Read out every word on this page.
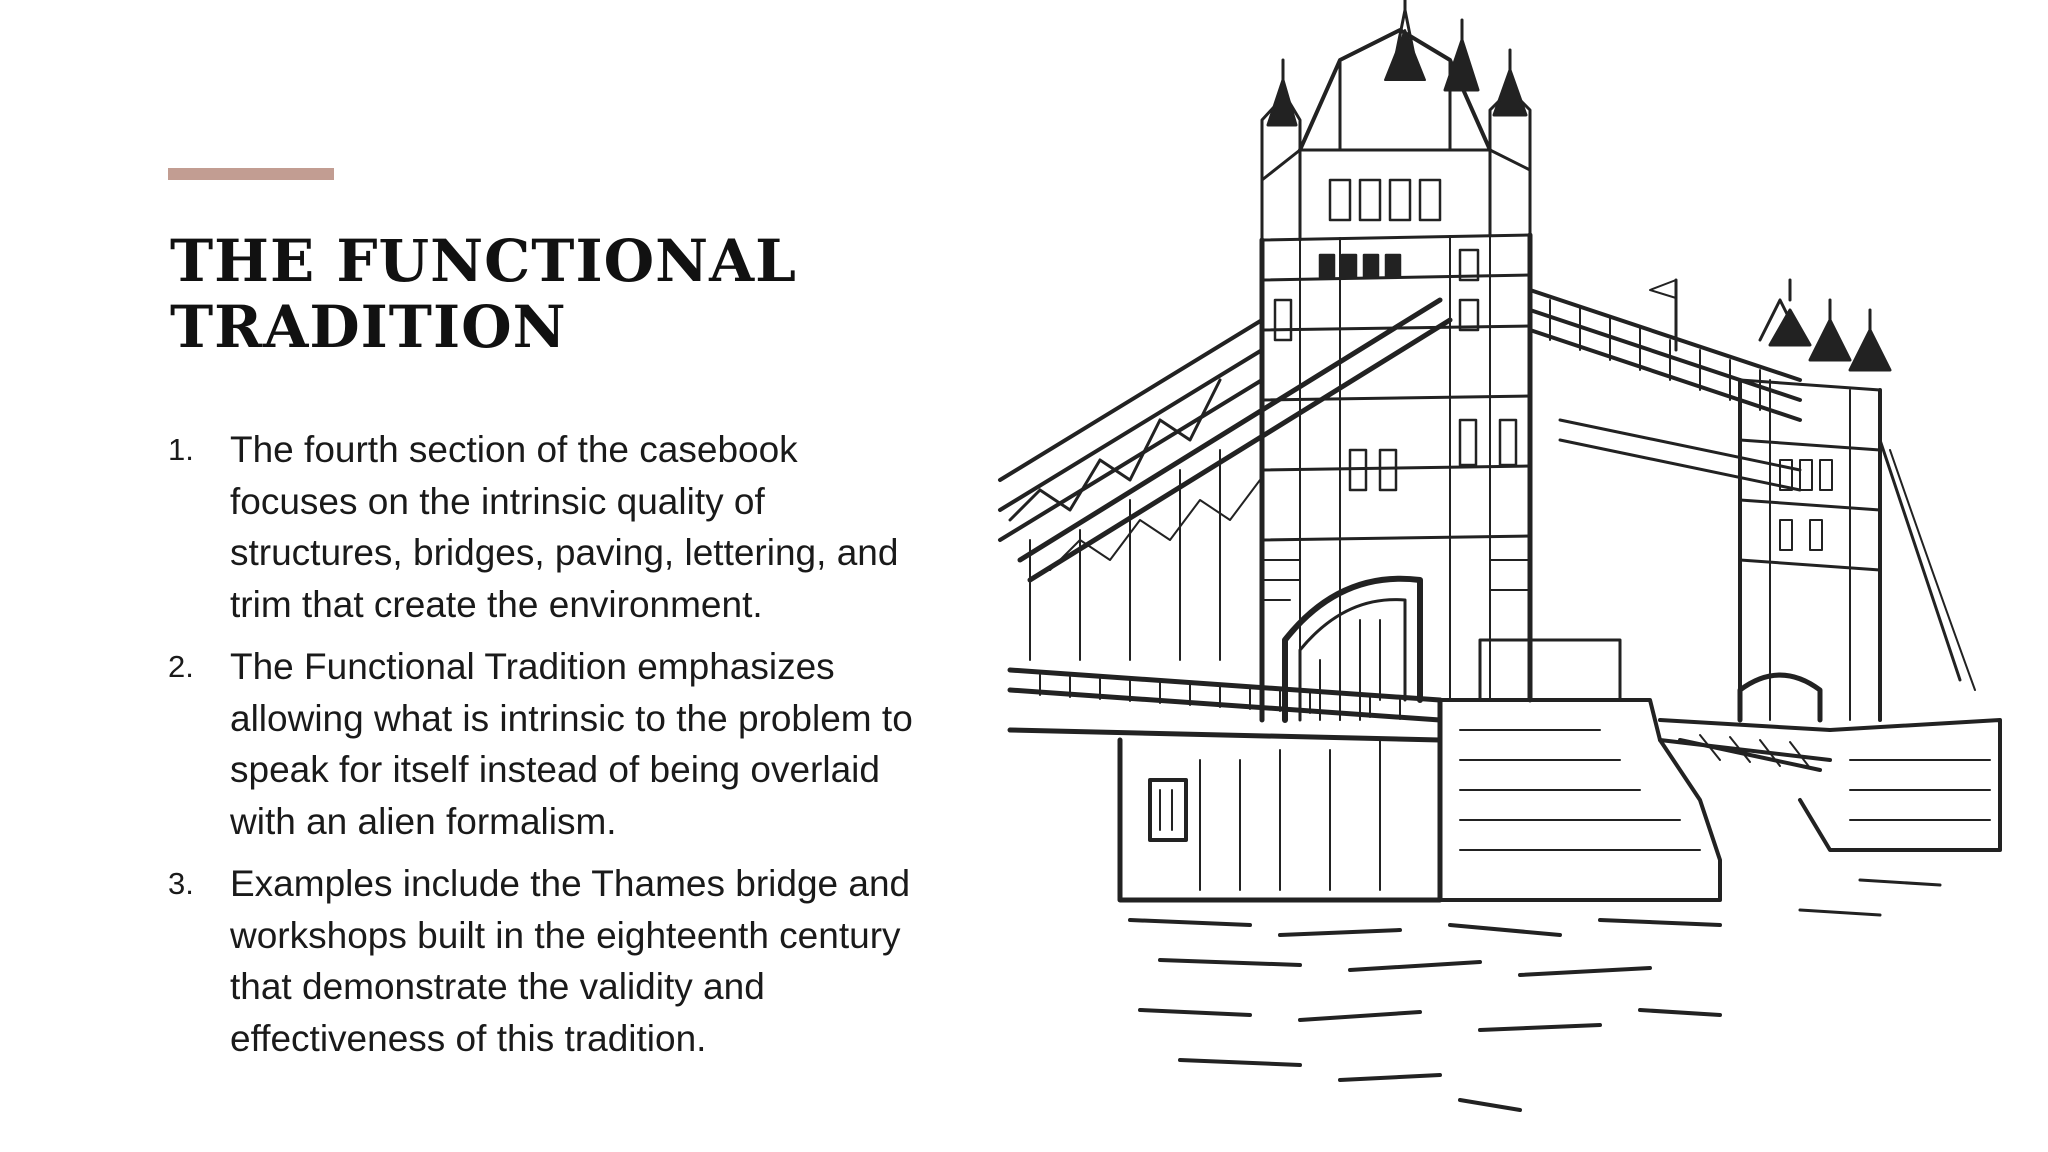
THE FUNCTIONAL
TRADITION
1. The fourth section of the casebook
focuses on the intrinsic quality of
structures, bridges, paving, lettering, and
trim that create the environment.
2. The Functional Tradition emphasizes
allowing what is intrinsic to the problem to
speak for itself instead of being overlaid
with an alien formalism.
3. Examples include the Thames bridge and
workshops built in the eighteenth century
that demonstrate the validity and
effectiveness of this tradition.
